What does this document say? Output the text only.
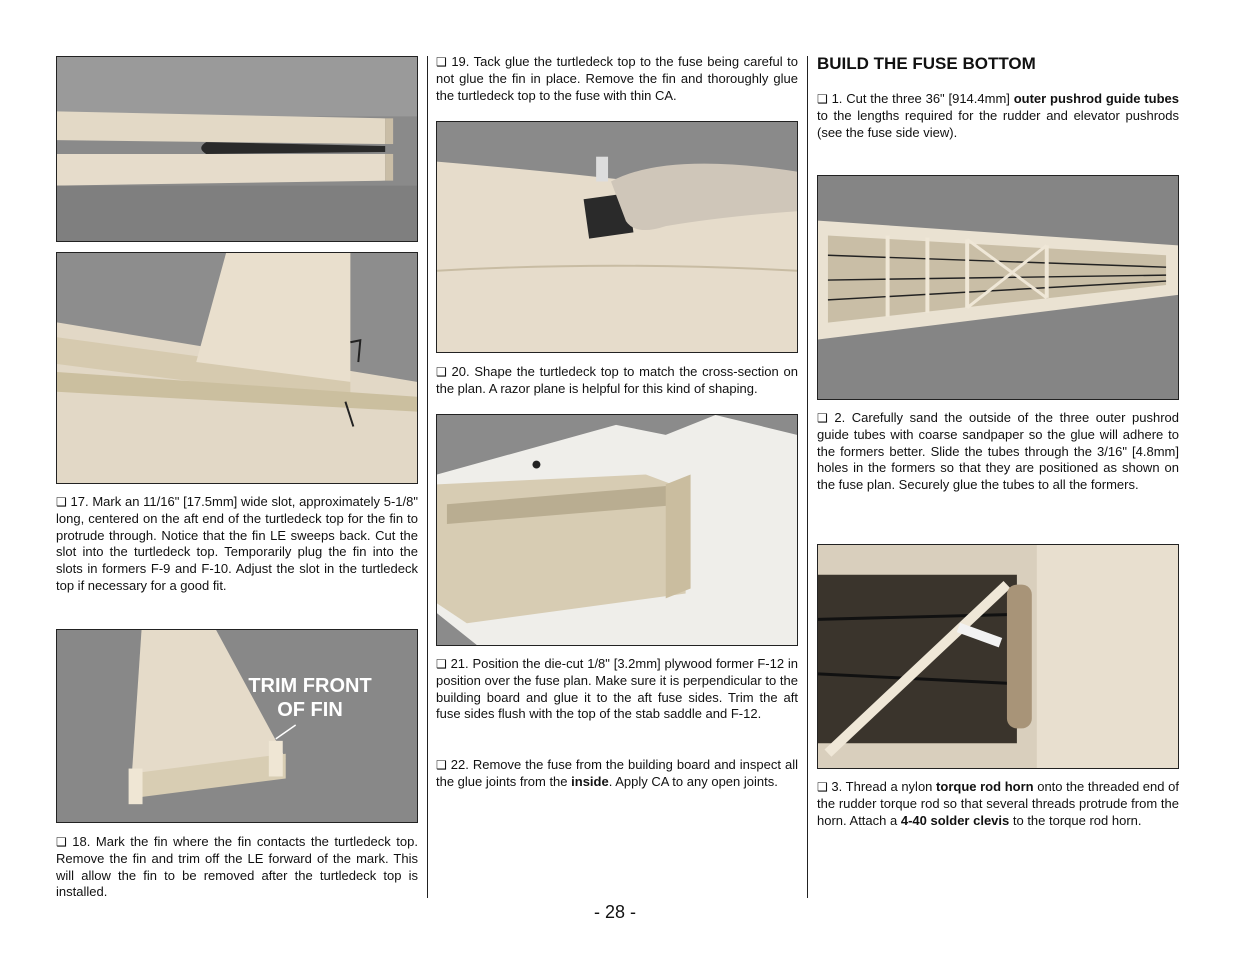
❑ 17. Mark an 11/16" [17.5mm] wide slot, approximately 5-1/8" long, centered on the aft end of the turtledeck top for the fin to protrude through. Notice that the fin LE sweeps back. Cut the slot into the turtledeck top. Temporarily plug the fin into the slots in formers F-9 and F-10. Adjust the slot in the turtledeck top if necessary for a good fit.

TRIM FRONT
OF FIN

❑ 18. Mark the fin where the fin contacts the turtledeck top. Remove the fin and trim off the LE forward of the mark. This will allow the fin to be removed after the turtledeck top is installed.

❑ 19. Tack glue the turtledeck top to the fuse being careful to not glue the fin in place. Remove the fin and thoroughly glue the turtledeck top to the fuse with thin CA.

❑ 20. Shape the turtledeck top to match the cross-section on the plan. A razor plane is helpful for this kind of shaping.

❑ 21. Position the die-cut 1/8" [3.2mm] plywood former F-12 in position over the fuse plan. Make sure it is perpendicular to the building board and glue it to the aft fuse sides. Trim the aft fuse sides flush with the top of the stab saddle and F-12.

❑ 22. Remove the fuse from the building board and inspect all the glue joints from the inside. Apply CA to any open joints.

BUILD THE FUSE BOTTOM

❑ 1. Cut the three 36" [914.4mm] outer pushrod guide tubes to the lengths required for the rudder and elevator pushrods (see the fuse side view).

❑ 2. Carefully sand the outside of the three outer pushrod guide tubes with coarse sandpaper so the glue will adhere to the formers better. Slide the tubes through the 3/16" [4.8mm] holes in the formers so that they are positioned as shown on the fuse plan. Securely glue the tubes to all the formers.

❑ 3. Thread a nylon torque rod horn onto the threaded end of the rudder torque rod so that several threads protrude from the horn. Attach a 4-40 solder clevis to the torque rod horn.

- 28 -
